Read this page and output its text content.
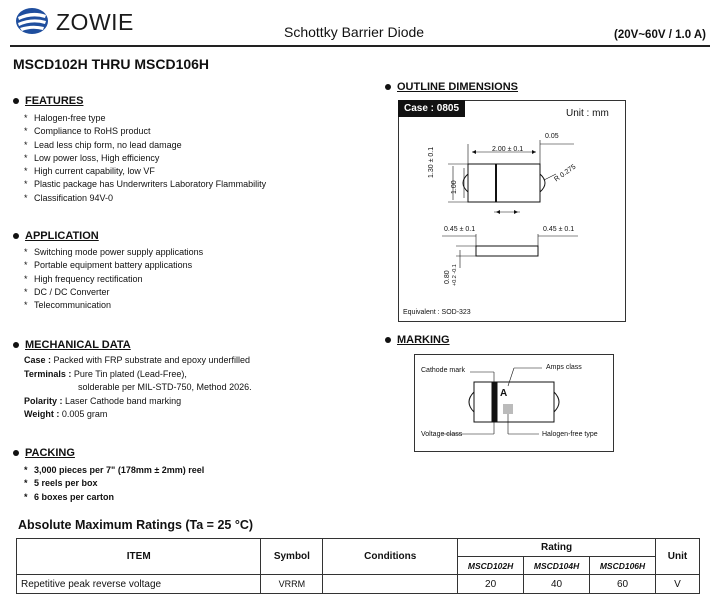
ZOWIE	Schottky Barrier Diode	(20V~60V / 1.0 A)
MSCD102H THRU MSCD106H
FEATURES
* Halogen-free type
* Compliance to RoHS product
* Lead less chip form, no lead damage
* Low power loss, High efficiency
* High current capability, low VF
* Plastic package has Underwriters Laboratory Flammability
* Classification 94V-0
APPLICATION
* Switching mode power supply applications
* Portable equipment battery applications
* High frequency rectification
* DC / DC Converter
* Telecommunication
MECHANICAL DATA
Case : Packed with FRP substrate and epoxy underfilled
Terminals : Pure Tin plated (Lead-Free),
solderable per MIL-STD-750, Method 2026.
Polarity : Laser Cathode band marking
Weight : 0.005 gram
PACKING
* 3,000 pieces per 7" (178mm ± 2mm) reel
* 5 reels per box
* 6 boxes per carton
OUTLINE DIMENSIONS
Case : 0805	Unit : mm
0.05
2.00 ± 0.1
R 0.275
1.30 ± 0.1
1.00
0.45 ± 0.1	0.45 ± 0.1
0.80 +0.2 -0.1
Equivalent : SOD-323
MARKING
A
Cathode mark	Amps class
Voltage class	Halogen-free type
Absolute Maximum Ratings (Ta = 25 °C)
ITEM	Symbol	Conditions	Rating			Unit
			MSCD102H	MSCD104H	MSCD106H	
Repetitive peak reverse voltage	VRRM		20	40	60	V
